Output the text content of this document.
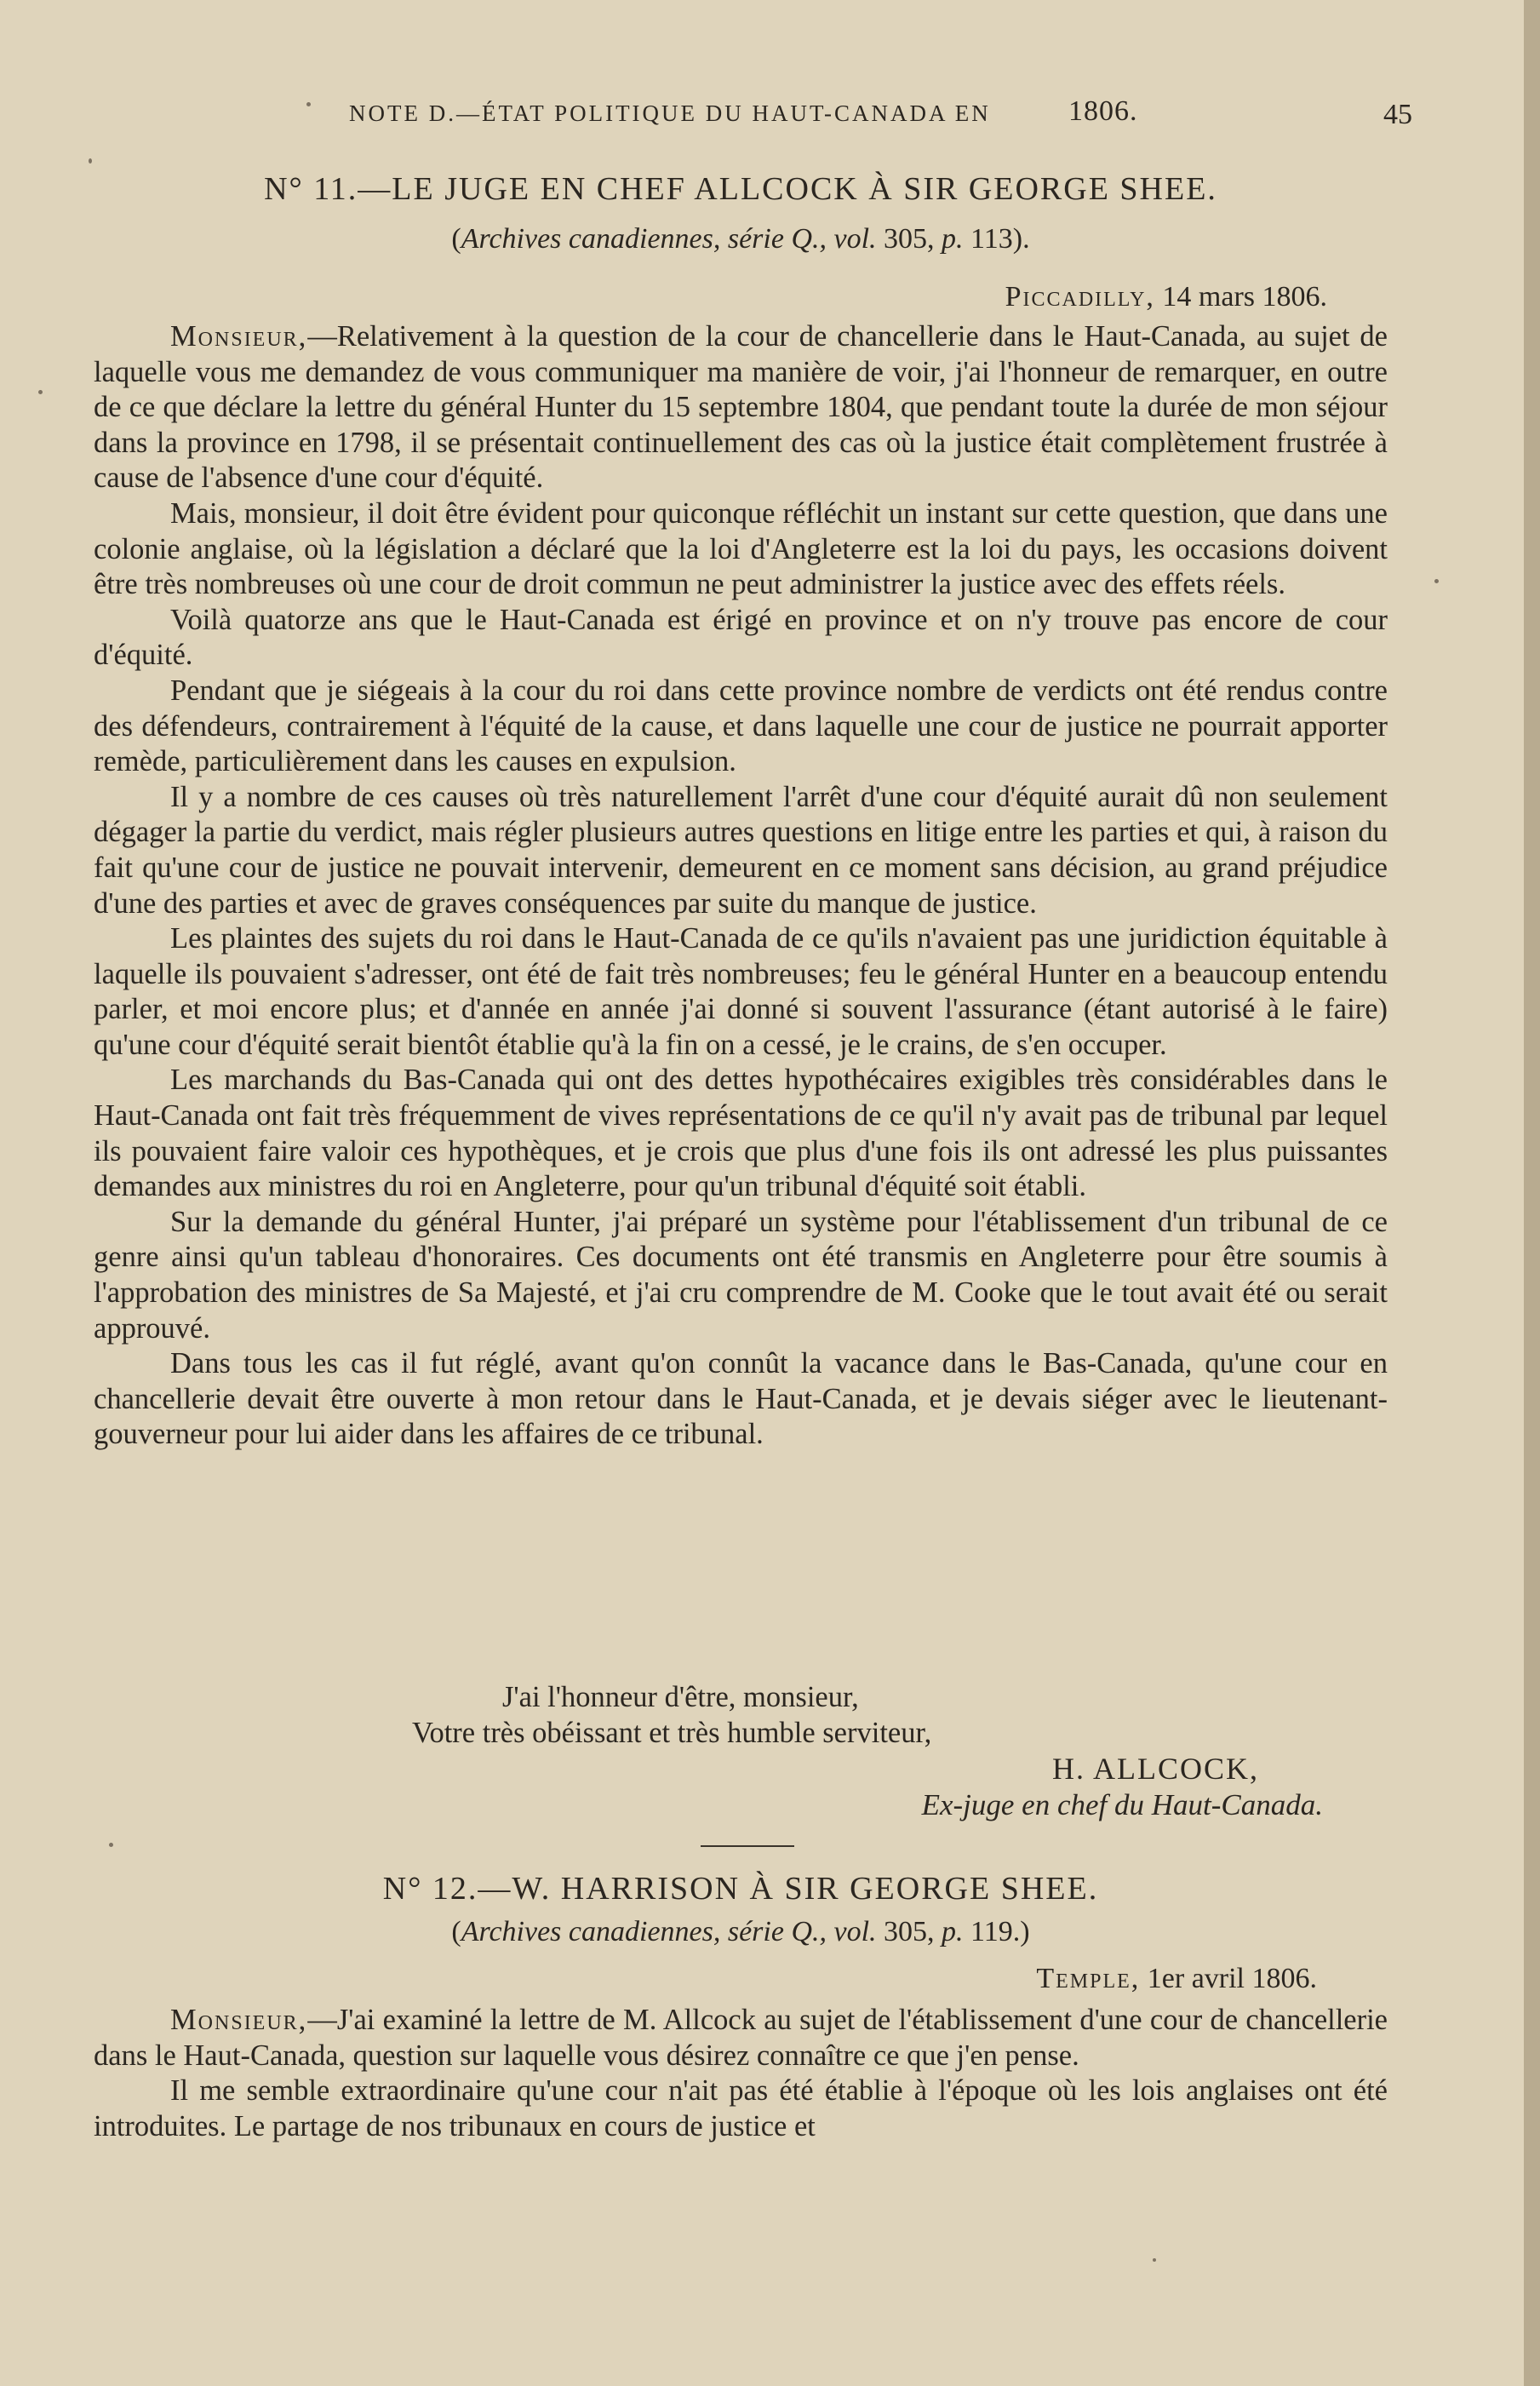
NOTE D.—ÉTAT POLITIQUE DU HAUT-CANADA EN	1806.	45
N° 11.—LE JUGE EN CHEF ALLCOCK À SIR GEORGE SHEE.
(Archives canadiennes, série Q., vol. 305, p. 113).
Piccadilly, 14 mars 1806.

Monsieur,—Relativement à la question de la cour de chancellerie dans le Haut-Canada, au sujet de laquelle vous me demandez de vous communiquer ma manière de voir, j'ai l'honneur de remarquer, en outre de ce que déclare la lettre du général Hunter du 15 septembre 1804, que pendant toute la durée de mon séjour dans la province en 1798, il se présentait continuellement des cas où la justice était complètement frustrée à cause de l'absence d'une cour d'équité.

Mais, monsieur, il doit être évident pour quiconque réfléchit un instant sur cette question, que dans une colonie anglaise, où la législation a déclaré que la loi d'Angleterre est la loi du pays, les occasions doivent être très nombreuses où une cour de droit commun ne peut administrer la justice avec des effets réels.

Voilà quatorze ans que le Haut-Canada est érigé en province et on n'y trouve pas encore de cour d'équité.

Pendant que je siégeais à la cour du roi dans cette province nombre de verdicts ont été rendus contre des défendeurs, contrairement à l'équité de la cause, et dans laquelle une cour de justice ne pourrait apporter remède, particulièrement dans les causes en expulsion.

Il y a nombre de ces causes où très naturellement l'arrêt d'une cour d'équité aurait dû non seulement dégager la partie du verdict, mais régler plusieurs autres questions en litige entre les parties et qui, à raison du fait qu'une cour de justice ne pouvait intervenir, demeurent en ce moment sans décision, au grand préjudice d'une des parties et avec de graves conséquences par suite du manque de justice.

Les plaintes des sujets du roi dans le Haut-Canada de ce qu'ils n'avaient pas une juridiction équitable à laquelle ils pouvaient s'adresser, ont été de fait très nombreuses; feu le général Hunter en a beaucoup entendu parler, et moi encore plus; et d'année en année j'ai donné si souvent l'assurance (étant autorisé à le faire) qu'une cour d'équité serait bientôt établie qu'à la fin on a cessé, je le crains, de s'en occuper.

Les marchands du Bas-Canada qui ont des dettes hypothécaires exigibles très considérables dans le Haut-Canada ont fait très fréquemment de vives représentations de ce qu'il n'y avait pas de tribunal par lequel ils pouvaient faire valoir ces hypothèques, et je crois que plus d'une fois ils ont adressé les plus puissantes demandes aux ministres du roi en Angleterre, pour qu'un tribunal d'équité soit établi.

Sur la demande du général Hunter, j'ai préparé un système pour l'établissement d'un tribunal de ce genre ainsi qu'un tableau d'honoraires. Ces documents ont été transmis en Angleterre pour être soumis à l'approbation des ministres de Sa Majesté, et j'ai cru comprendre de M. Cooke que le tout avait été ou serait approuvé.

Dans tous les cas il fut réglé, avant qu'on connût la vacance dans le Bas-Canada, qu'une cour en chancellerie devait être ouverte à mon retour dans le Haut-Canada, et je devais siéger avec le lieutenant-gouverneur pour lui aider dans les affaires de ce tribunal.

J'ai l'honneur d'être, monsieur,
Votre très obéissant et très humble serviteur,
H. ALLCOCK,
Ex-juge en chef du Haut-Canada.
N° 12.—W. HARRISON À SIR GEORGE SHEE.
(Archives canadiennes, série Q., vol. 305, p. 119.)
Temple, 1er avril 1806.

Monsieur,—J'ai examiné la lettre de M. Allcock au sujet de l'établissement d'une cour de chancellerie dans le Haut-Canada, question sur laquelle vous désirez connaître ce que j'en pense.

Il me semble extraordinaire qu'une cour n'ait pas été établie à l'époque où les lois anglaises ont été introduites. Le partage de nos tribunaux en cours de justice et
